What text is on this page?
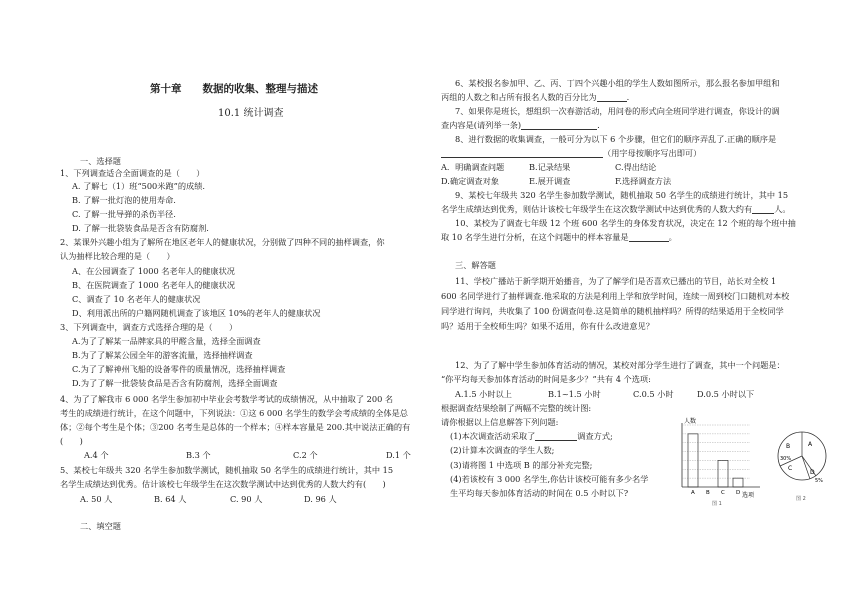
第十章　　数据的收集、整理与描述
10.1 统计调查
一、选择题
1、下列调查适合全面调查的是（　　）
A. 了解七（1）班“500米跑”的成绩.
B. 了解一批灯泡的使用寿命.
C. 了解一批导弹的杀伤半径.
D. 了解一批袋装食品是否含有防腐剂.
2、某课外兴趣小组为了解所在地区老年人的健康状况，分别做了四种不同的抽样调查，你
认为抽样比较合理的是（　　）
A、在公园调查了 1000 名老年人的健康状况
B、在医院调查了 1000 名老年人的健康状况
C、调查了 10 名老年人的健康状况
D、利用派出所的户籍网随机调查了该地区 10%的老年人的健康状况
3、下列调查中，调查方式选择合理的是（　　）
A.为了了解某一品牌家具的甲醛含量，选择全面调查
B.为了了解某公园全年的游客流量，选择抽样调查
C.为了了解神州飞船的设备零件的质量情况，选择抽样调查
D.为了了解一批袋装食品是否含有防腐剂，选择全面调查
4、为了了解我市 6 000 名学生参加初中毕业会考数学考试的成绩情况，从中抽取了 200 名
考生的成绩进行统计，在这个问题中，下列说法：①这 6 000 名学生的数学会考成绩的全体是总
体；②每个考生是个体；③200 名考生是总体的一个样本；④样本容量是 200.其中说法正确的有
(　　)
A.4 个	B.3 个	C.2 个	D.1 个
5、某校七年级共 320 名学生参加数学测试，随机抽取 50 名学生的成绩进行统计，其中 15
名学生成绩达到优秀。估计该校七年级学生在这次数学测试中达到优秀的人数大约有(　　)
A. 50 人	B. 64 人	C. 90 人	D. 96 人
二、填空题
6、某校报名参加甲、乙、丙、丁四个兴趣小组的学生人数如图所示，那么报名参加甲组和
丙组的人数之和占所有报名人数的百分比为	.
7、如果你是班长，想组织一次春游活动，用问卷的形式向全班同学进行调查，你设计的调
查内容是(请列举一条)	.
8、进行数据的收集调查，一般可分为以下 6 个步骤，但它们的顺序弄乱了.正确的顺序是
（用字母按顺序写出即可）
A．明确调查问题	B.记录结果	C.得出结论
D.确定调查对象	E.展开调查	F.选择调查方法
9、某校七年级共 320 名学生参加数学测试，随机抽取 50 名学生的成绩进行统计，其中 15
名学生成绩达到优秀，则估计该校七年级学生在这次数学测试中达到优秀的人数大约有	人。
10、某校为了调查七年级 12 个班 600 名学生的身体发育状况，决定在 12 个班的每个班中抽
取 10 名学生进行分析，在这个问题中的样本容量是	。
三、解答题
11、学校广播站于新学期开始播音，为了了解学们是否喜欢已播出的节目，站长对全校 1
600 名同学进行了抽样调查.他采取的方法是利用上学和放学时间，连续一周到校门口随机对本校
同学进行询问，共收集了 100 份调查问卷.这是简单的随机抽样吗？所得的结果适用于全校同学
吗？适用于全校师生吗？如果不适用，你有什么改进意见？
12、为了了解中学生参加体育活动的情况，某校对部分学生进行了调查，其中一个问题是：
“你平均每天参加体育活动的时间是多少？”共有 4 个选项:
A.1.5 小时以上	B.1~1.5 小时	C.0.5 小时	D.0.5 小时以下
根据调查结果绘制了两幅不完整的统计图:
请你根据以上信息解答下列问题:
(1)本次调查活动采取了	调查方式;
(2)计算本次调查的学生人数;
(3)请将图 1 中选项 B 的部分补充完整;
(4)若该校有 3 000 名学生,你估计该校可能有多少名学
生平均每天参加体育活动的时间在 0.5 小时以下?	A B C D
人数
选项
图 1
A
B
C
30%
D
5%
图 2
